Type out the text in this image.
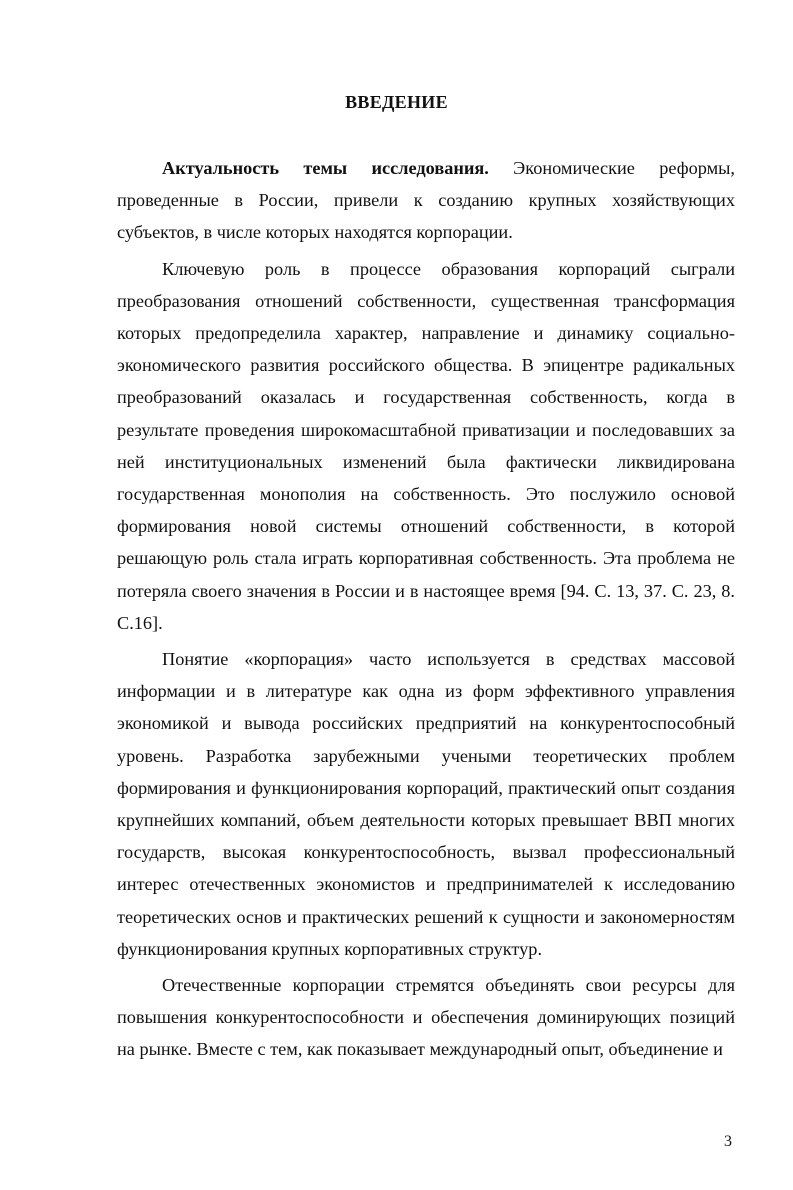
ВВЕДЕНИЕ

Актуальность темы исследования. Экономические реформы, проведенные в России, привели к созданию крупных хозяйствующих субъектов, в числе которых находятся корпорации.

Ключевую роль в процессе образования корпораций сыграли преобразования отношений собственности, существенная трансформация которых предопределила характер, направление и динамику социально-экономического развития российского общества. В эпицентре радикальных преобразований оказалась и государственная собственность, когда в результате проведения широкомасштабной приватизации и последовавших за ней институциональных изменений была фактически ликвидирована государственная монополия на собственность. Это послужило основой формирования новой системы отношений собственности, в которой решающую роль стала играть корпоративная собственность. Эта проблема не потеряла своего значения в России и в настоящее время [94. С. 13, 37. С. 23, 8. С.16].

Понятие «корпорация» часто используется в средствах массовой информации и в литературе как одна из форм эффективного управления экономикой и вывода российских предприятий на конкурентоспособный уровень. Разработка зарубежными учеными теоретических проблем формирования и функционирования корпораций, практический опыт создания крупнейших компаний, объем деятельности которых превышает ВВП многих государств, высокая конкурентоспособность, вызвал профессиональный интерес отечественных экономистов и предпринимателей к исследованию теоретических основ и практических решений к сущности и закономерностям функционирования крупных корпоративных структур.

Отечественные корпорации стремятся объединять свои ресурсы для повышения конкурентоспособности и обеспечения доминирующих позиций на рынке. Вместе с тем, как показывает международный опыт, объединение и

3
